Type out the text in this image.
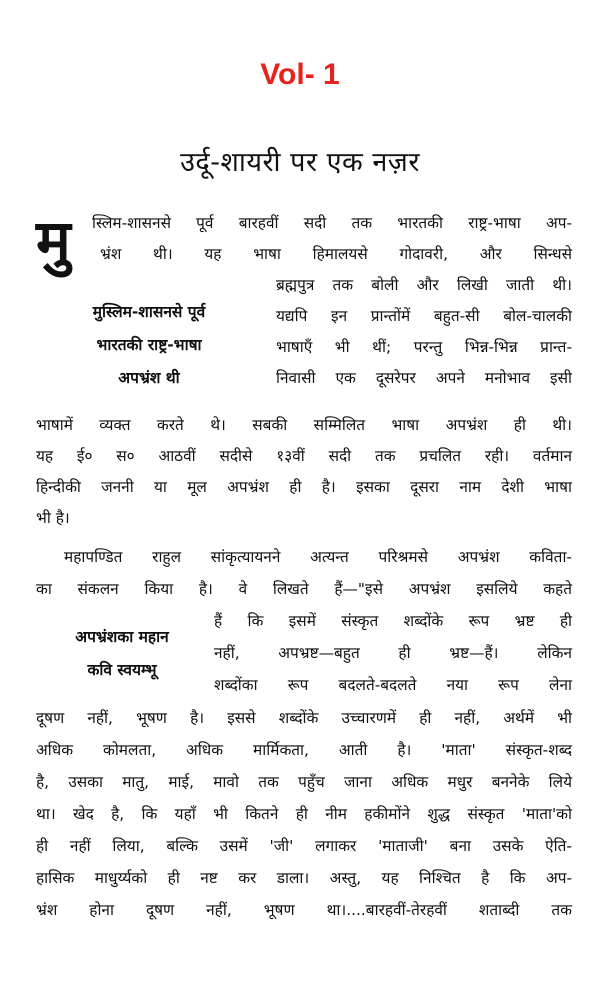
Vol- 1
उर्दू-शायरी पर एक नज़र
मु स्लिम-शासनसे पूर्व बारहवीं सदी तक भारतकी राष्ट्र-भाषा अप-
भ्रंश थी। यह भाषा हिमालयसे गोदावरी, और सिन्धसे
ब्रह्मपुत्र तक बोली और लिखी जाती थी।
यद्यपि इन प्रान्तोंमें बहुत-सी बोल-चालकी
भाषाएँ भी थीं; परन्तु भिन्न-भिन्न प्रान्त-
निवासी एक दूसरेपर अपने मनोभाव इसी
भाषामें व्यक्त करते थे। सबकी सम्मिलित भाषा अपभ्रंश ही थी।
यह ई० स० आठवीं सदीसे १३वीं सदी तक प्रचलित रही। वर्तमान
हिन्दीकी जननी या मूल अपभ्रंश ही है। इसका दूसरा नाम देशी भाषा
भी है।
मुस्लिम-शासनसे पूर्व
भारतकी राष्ट्र-भाषा
अपभ्रंश थी
महापण्डित राहुल सांकृत्यायनने अत्यन्त परिश्रमसे अपभ्रंश कविता-
का संकलन किया है। वे लिखते हैं—"इसे अपभ्रंश इसलिये कहते
हैं कि इसमें संस्कृत शब्दोंके रूप भ्रष्ट ही
नहीं, अपभ्रष्ट—बहुत ही भ्रष्ट—हैं। लेकिन
शब्दोंका रूप बदलते-बदलते नया रूप लेना
दूषण नहीं, भूषण है। इससे शब्दोंके उच्चारणमें ही नहीं, अर्थमें भी
अधिक कोमलता, अधिक मार्मिकता, आती है। 'माता' संस्कृत-शब्द
है, उसका मातु, माई, मावो तक पहुँच जाना अधिक मधुर बननेके लिये
था। खेद है, कि यहाँ भी कितने ही नीम हकीमोंने शुद्ध संस्कृत 'माता'को
ही नहीं लिया, बल्कि उसमें 'जी' लगाकर 'माताजी' बना उसके ऐति-
हासिक माधुर्य्यको ही नष्ट कर डाला। अस्तु, यह निश्चित है कि अप-
भ्रंश होना दूषण नहीं, भूषण था।....बारहवीं-तेरहवीं शताब्दी तक
अपभ्रंशका महान
कवि स्वयम्भू
